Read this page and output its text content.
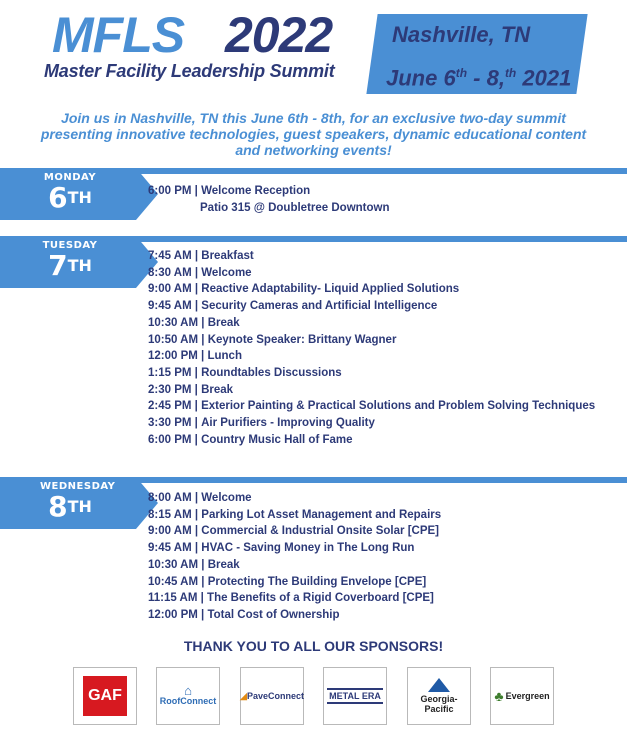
MFLS 2022
Master Facility Leadership Summit
Nashville, TN
June 6th - 8,$^{th}$ 2021
Join us in Nashville, TN this June 6th - 8th, for an exclusive two-day summit presenting innovative technologies, guest speakers, dynamic educational content and networking events!
MONDAY
6TH	6:00 PM | Welcome Reception
Patio 315 @ Doubletree Downtown
TUESDAY
7TH	7:45 AM | Breakfast
8:30 AM | Welcome
9:00 AM | Reactive Adaptability- Liquid Applied Solutions
9:45 AM | Security Cameras and Artificial Intelligence
10:30 AM | Break
10:50 AM | Keynote Speaker: Brittany Wagner
12:00 PM | Lunch
1:15 PM | Roundtables Discussions
2:30 PM | Break
2:45 PM | Exterior Painting & Practical Solutions and Problem Solving Techniques
3:30 PM | Air Purifiers - Improving Quality
6:00 PM | Country Music Hall of Fame
WEDNESDAY
8TH	8:00 AM | Welcome
8:15 AM | Parking Lot Asset Management and Repairs
9:00 AM | Commercial & Industrial Onsite Solar [CPE]
9:45 AM | HVAC - Saving Money in The Long Run
10:30 AM | Break
10:45 AM | Protecting The Building Envelope [CPE]
11:15 AM | The Benefits of a Rigid Coverboard [CPE]
12:00 PM | Total Cost of Ownership
THANK YOU TO ALL OUR SPONSORS!
GAF	⌂
RoofConnect	◢PaveConnect	METAL ERA	Georgia-Pacific
♣ Evergreen
